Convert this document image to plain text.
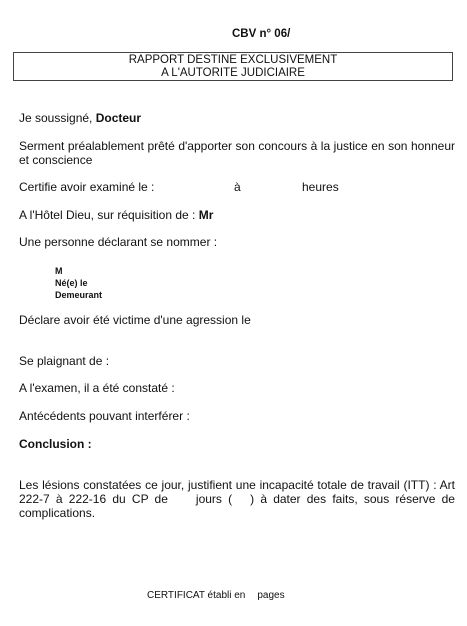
CBV n° 06/
RAPPORT DESTINE EXCLUSIVEMENT
A L'AUTORITE JUDICIAIRE
Je soussigné, Docteur
Serment préalablement prêté d'apporter son concours à la justice en son honneur et conscience
Certifie avoir examiné le :	à	heures
A l'Hôtel Dieu, sur réquisition de : Mr
Une personne déclarant se nommer :
M
Né(e) le
Demeurant
Déclare avoir été victime d'une agression le
Se plaignant de :
A l'examen, il a été constaté :
Antécédents pouvant interférer :
Conclusion :
Les lésions constatées ce jour, justifient une incapacité totale de travail (ITT) : Art 222-7 à 222-16 du CP de jours ( ) à dater des faits, sous réserve de complications.
CERTIFICAT établi en pages
